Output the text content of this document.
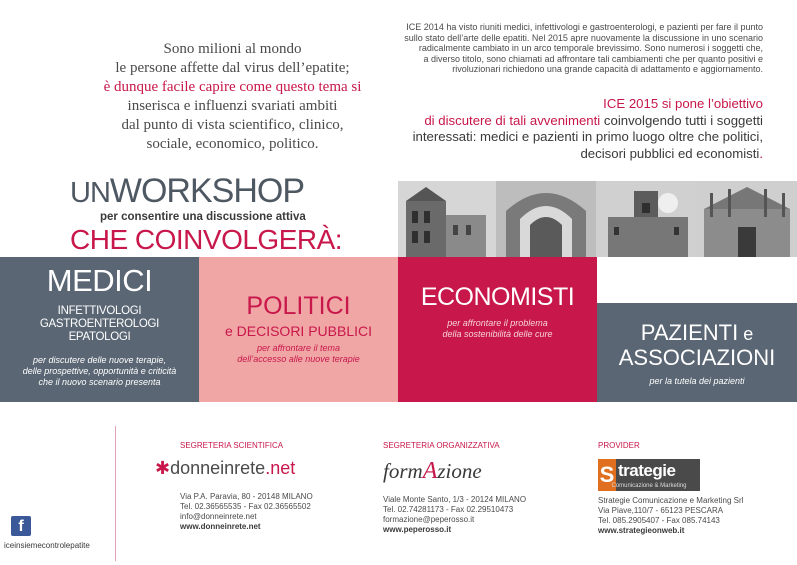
Sono milioni al mondo
le persone affette dal virus dell’epatite;
è dunque facile capire come questo tema si
inserisca e influenzi svariati ambiti
dal punto di vista scientifico, clinico,
sociale, economico, politico.
ICE 2014 ha visto riuniti medici, infettivologi e gastroenterologi, e pazienti per fare il punto
sullo stato dell’arte delle epatiti. Nel 2015 apre nuovamente la discussione in uno scenario
radicalmente cambiato in un arco temporale brevissimo. Sono numerosi i soggetti che,
a diverso titolo, sono chiamati ad affrontare tali cambiamenti che per quanto positivi e
rivoluzionari richiedono una grande capacità di adattamento e aggiornamento.
ICE 2015 si pone l’obiettivo
di discutere di tali avvenimenti coinvolgendo tutti i soggetti
interessati: medici e pazienti in primo luogo oltre che politici,
decisori pubblici ed economisti.
UNWORKSHOP
per consentire una discussione attiva
CHE COINVOLGERÀ:
MEDICI
INFETTIVOLOGI
GASTROENTEROLOGI
EPATOLOGI
per discutere delle nuove terapie,
delle prospettive, opportunità e criticità
che il nuovo scenario presenta
POLITICI
e DECISORI PUBBLICI
per affrontare il tema
dell’accesso alle nuove terapie
ECONOMISTI
per affrontare il problema
della sostenibilità delle cure	PAZIENTI e
ASSOCIAZIONI
per la tutela dei pazienti
f
iceinsiemecontrolepatite
SEGRETERIA SCIENTIFICA
✱donneinrete.net
Via P.A. Paravia, 80 - 20148 MILANO
Tel. 02.36565535 - Fax 02.36565502
info@donneinrete.net
www.donneinrete.net
SEGRETERIA ORGANIZZATIVA
formAzione
Viale Monte Santo, 1/3 - 20124 MILANO
Tel. 02.74281173 - Fax 02.29510473
formazione@peperosso.it
www.peperosso.it
PROVIDER
S trategie
Comunicazione & Marketing
Strategie Comunicazione e Marketing Srl
Via Piave,110/7 - 65123 PESCARA
Tel. 085.2905407 - Fax 085.74143
www.strategieonweb.it
